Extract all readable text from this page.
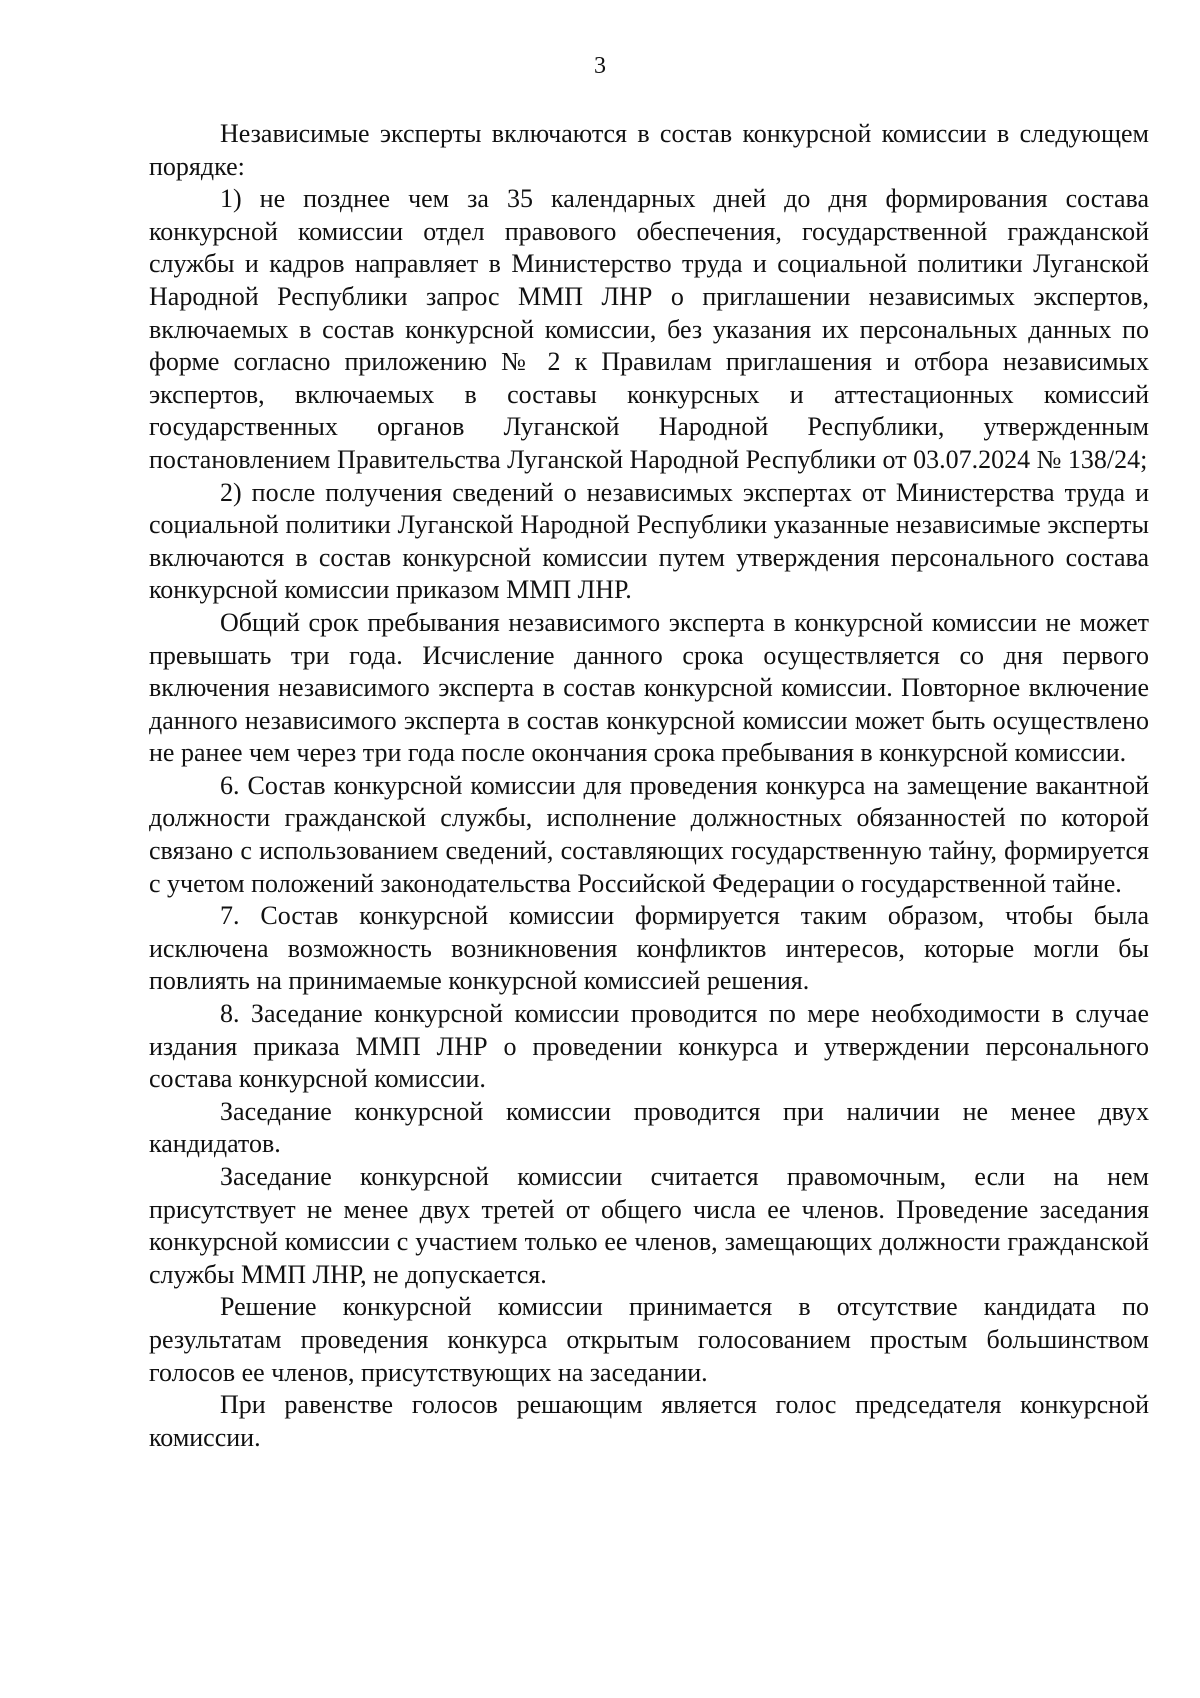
3

Независимые эксперты включаются в состав конкурсной комиссии в следующем порядке:

1) не позднее чем за 35 календарных дней до дня формирования состава конкурсной комиссии отдел правового обеспечения, государственной гражданской службы и кадров направляет в Министерство труда и социальной политики Луганской Народной Республики запрос ММП ЛНР о приглашении независимых экспертов, включаемых в состав конкурсной комиссии, без указания их персональных данных по форме согласно приложению № 2 к Правилам приглашения и отбора независимых экспертов, включаемых в составы конкурсных и аттестационных комиссий государственных органов Луганской Народной Республики, утвержденным постановлением Правительства Луганской Народной Республики от 03.07.2024 № 138/24;

2) после получения сведений о независимых экспертах от Министерства труда и социальной политики Луганской Народной Республики указанные независимые эксперты включаются в состав конкурсной комиссии путем утверждения персонального состава конкурсной комиссии приказом ММП ЛНР.

Общий срок пребывания независимого эксперта в конкурсной комиссии не может превышать три года. Исчисление данного срока осуществляется со дня первого включения независимого эксперта в состав конкурсной комиссии. Повторное включение данного независимого эксперта в состав конкурсной комиссии может быть осуществлено не ранее чем через три года после окончания срока пребывания в конкурсной комиссии.

6. Состав конкурсной комиссии для проведения конкурса на замещение вакантной должности гражданской службы, исполнение должностных обязанностей по которой связано с использованием сведений, составляющих государственную тайну, формируется с учетом положений законодательства Российской Федерации о государственной тайне.

7. Состав конкурсной комиссии формируется таким образом, чтобы была исключена возможность возникновения конфликтов интересов, которые могли бы повлиять на принимаемые конкурсной комиссией решения.

8. Заседание конкурсной комиссии проводится по мере необходимости в случае издания приказа ММП ЛНР о проведении конкурса и утверждении персонального состава конкурсной комиссии.

Заседание конкурсной комиссии проводится при наличии не менее двух кандидатов.

Заседание конкурсной комиссии считается правомочным, если на нем присутствует не менее двух третей от общего числа ее членов. Проведение заседания конкурсной комиссии с участием только ее членов, замещающих должности гражданской службы ММП ЛНР, не допускается.

Решение конкурсной комиссии принимается в отсутствие кандидата по результатам проведения конкурса открытым голосованием простым большинством голосов ее членов, присутствующих на заседании.

При равенстве голосов решающим является голос председателя конкурсной комиссии.
